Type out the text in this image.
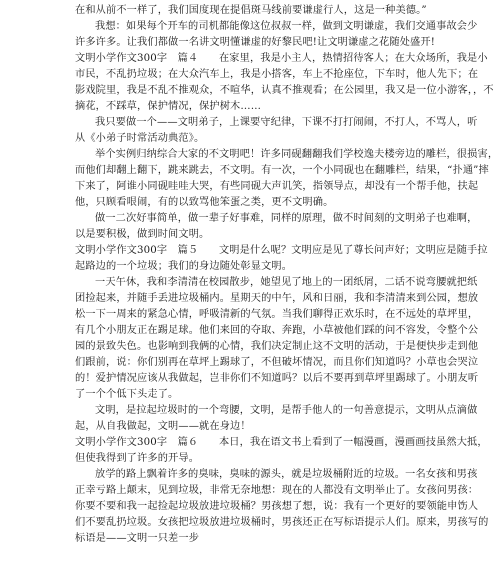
在和从前不一样了，我们国度现在提倡斑马线前要谦虚行人，这是一种美德。”
我想：如果每个开车的司机都能像这位叔叔一样，做到文明谦虚，我们交通事故会少
许多许多。让我们都做一名讲文明懂谦虚的好黎民吧!让文明谦虚之花随处盛开!
文明小学作文300字　篇４　　在家里，我是小主人，热情招待客人；在大众场所，我是小
市民，不乱扔垃圾；在大众汽车上，我是小搭客，车上不抢座位，下车时，他人先下；在
影戏院里，我是不乱不推观众，不喧华，认真不推观看；在公园里，我又是一位小游客，，不
摘花，不踩草，保护情况，保护树木……
我只要做一个——文明弟子，上课要守纪律，下课不打打闹闹，不打人，不骂人，听
从《小弟子时常活动典范》。
举个实例归纳综合大家的不文明吧！许多同砚翻翻我们学校逸夫楼旁边的雕栏，很损害，
而他们却翻上翻下，跳来跳去，不文明。有一次，一个小同砚也在翻雕栏，结果，“扑通”摔
下来了，阿谁小同砚哇哇大哭，有些同砚大声讥笑，指领导点，却没有一个帮手他，扶起
他，只顾看哏闹，有的以致骂他笨蛋之类，更不文明确。
做一二次好事简单，做一辈子好事难，同样的原理，做不时间刻的文明弟子也难啊，
以是要积极，做到时间文明。
文明小学作文300字　篇５　　文明是什么呢？文明应是见了尊长问声好；文明应是随手拉
起路边的一个垃圾；我们的身边随处彰显文明。
一天午休，我和李清清在校园散步，她望见了地上的一团纸屑，二话不说弯腰就把纸
团捡起来，并随手丢进垃圾桶内。星期天的中午，风和日丽，我和李清清来到公园，想放
松一下一周来的紧急心情，呼吸清新的气氛。当我们聊得正欢乐时，在不远处的草坪里，
有几个小朋友正在踢足球。他们来回的夺取、奔跑，小草被他们踩的问不容发，令整个公
园的景致失色。也影响到我俩的心情，我们决定制止这不文明的活动，于是便快步走到他
们跟前，说：你们别再在草坪上踢球了，不但破坏情况，而且你们知道吗？小草也会哭泣
的！爱护情况应该从我做起，岂非你们不知道吗？以后不要再到草坪里踢球了。小朋友听
了一个个低下头走了。
文明，是拉起垃圾时的一个弯腰，文明，是帮手他人的一句善意提示，文明从点滴做
起，从自我做起，文明——就在身边！
文明小学作文300字　篇６　　本日，我在语文书上看到了一幅漫画，漫画画技虽然大抵，
但使我得到了许多的开导。
放学的路上飘着许多的臭味，臭味的源头，就是垃圾桶附近的垃圾。一名女孩和男孩
正幸亏路上颠末，见到垃圾，非常无奈地想：现在的人都没有文明举止了。女孩问男孩：
你要不要和我一起捡起垃圾放进垃圾桶？男孩想了想，说：我有一个更好的要领能申饬人
们不要乱扔垃圾。女孩把垃圾放进垃圾桶时，男孩还正在写标语提示人们。原来，男孩写的
标语是——文明一只差一步
